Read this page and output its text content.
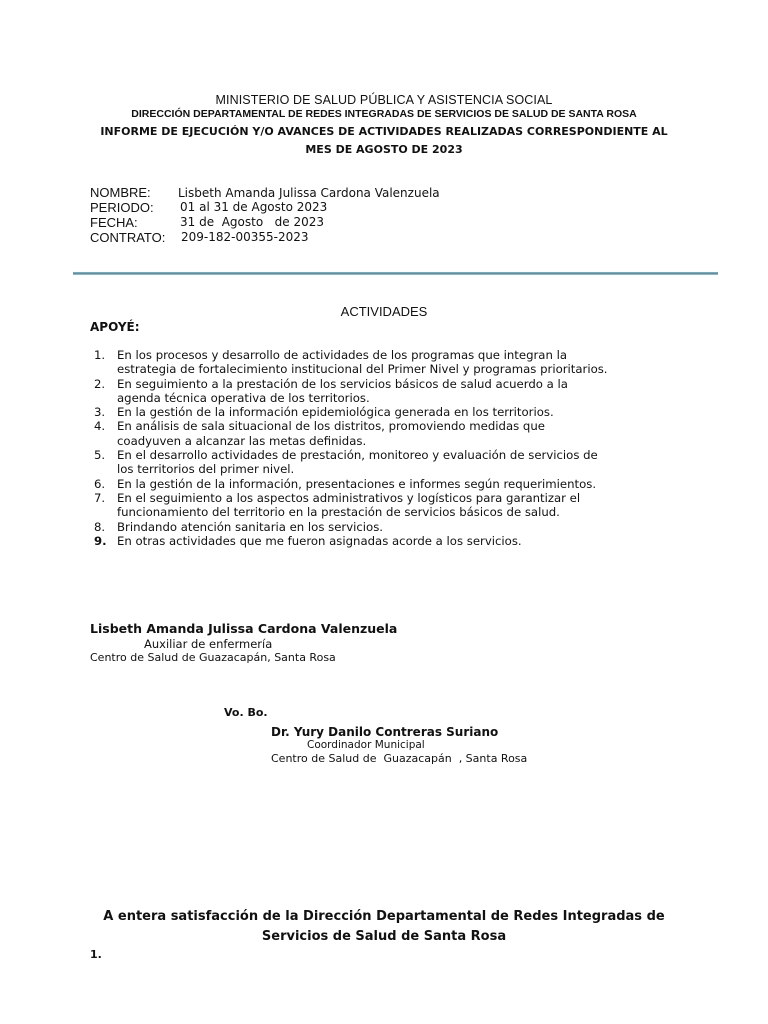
MINISTERIO DE SALUD PÚBLICA Y ASISTENCIA SOCIAL
DIRECCIÓN DEPARTAMENTAL DE REDES INTEGRADAS DE SERVICIOS DE SALUD DE SANTA ROSA
INFORME DE EJECUCIÓN Y/O AVANCES DE ACTIVIDADES REALIZADAS CORRESPONDIENTE AL
MES DE AGOSTO DE 2023
NOMBRE: Lisbeth Amanda Julissa Cardona Valenzuela
PERIODO: 01 al 31 de Agosto 2023
FECHA:	31 de  Agosto   de 2023
CONTRATO: 209-182-00355-2023
ACTIVIDADES
APOYÉ:
1. En los procesos y desarrollo de actividades de los programas que integran la
estrategia de fortalecimiento institucional del Primer Nivel y programas prioritarios.
2. En seguimiento a la prestación de los servicios básicos de salud acuerdo a la
agenda técnica operativa de los territorios.
3. En la gestión de la información epidemiológica generada en los territorios.
4. En análisis de sala situacional de los distritos, promoviendo medidas que
coadyuven a alcanzar las metas definidas.
5. En el desarrollo actividades de prestación, monitoreo y evaluación de servicios de
los territorios del primer nivel.
6. En la gestión de la información, presentaciones e informes según requerimientos.
7. En el seguimiento a los aspectos administrativos y logísticos para garantizar el
funcionamiento del territorio en la prestación de servicios básicos de salud.
8. Brindando atención sanitaria en los servicios.
9. En otras actividades que me fueron asignadas acorde a los servicios.
Lisbeth Amanda Julissa Cardona Valenzuela
Auxiliar de enfermería
Centro de Salud de Guazacapán, Santa Rosa
Vo. Bo.
Dr. Yury Danilo Contreras Suriano
Coordinador Municipal
Centro de Salud de  Guazacapán  , Santa Rosa
A entera satisfacción de la Dirección Departamental de Redes Integradas de
Servicios de Salud de Santa Rosa
1.
